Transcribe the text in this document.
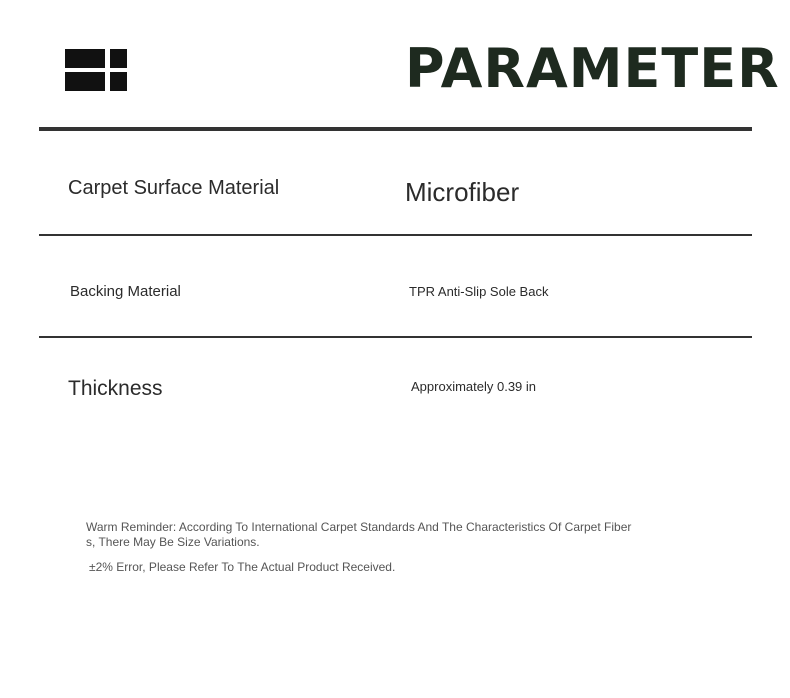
PARAMETER
Carpet Surface Material	Microfiber
Backing Material	TPR Anti-Slip Sole Back
Thickness	Approximately 0.39 in
Warm Reminder: According To International Carpet Standards And The Characteristics Of Carpet Fiber
s, There May Be Size Variations.
±2% Error, Please Refer To The Actual Product Received.
